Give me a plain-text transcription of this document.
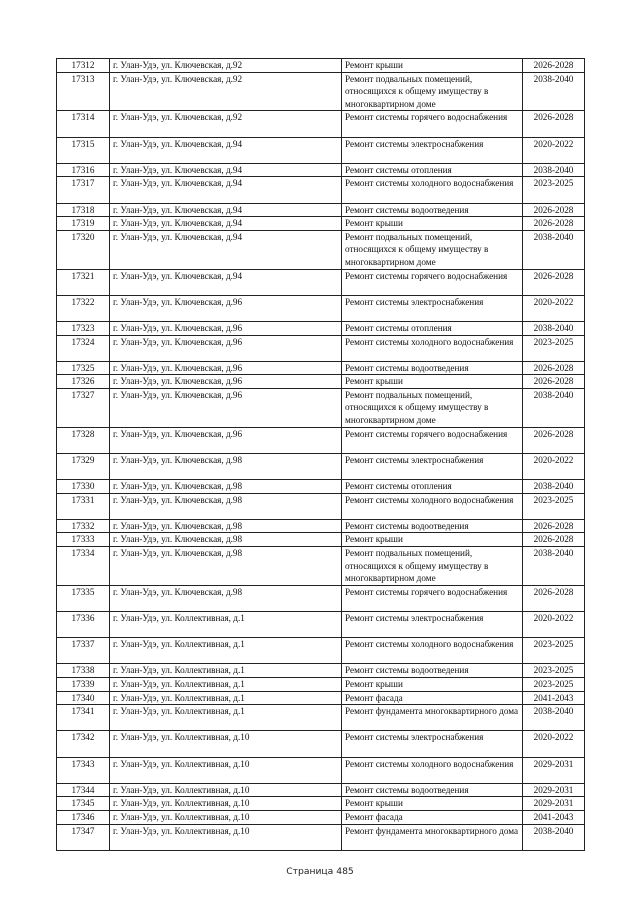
17312	г. Улан-Удэ, ул. Ключевская, д.92	Ремонт крыши	2026-2028
17313	г. Улан-Удэ, ул. Ключевская, д.92	Ремонт подвальных помещений, относящихся к общему имуществу в многоквартирном доме	2038-2040
17314	г. Улан-Удэ, ул. Ключевская, д.92	Ремонт системы горячего водоснабжения	2026-2028
17315	г. Улан-Удэ, ул. Ключевская, д.94	Ремонт системы электроснабжения	2020-2022
17316	г. Улан-Удэ, ул. Ключевская, д.94	Ремонт системы отопления	2038-2040
17317	г. Улан-Удэ, ул. Ключевская, д.94	Ремонт системы холодного водоснабжения	2023-2025
17318	г. Улан-Удэ, ул. Ключевская, д.94	Ремонт системы водоотведения	2026-2028
17319	г. Улан-Удэ, ул. Ключевская, д.94	Ремонт крыши	2026-2028
17320	г. Улан-Удэ, ул. Ключевская, д.94	Ремонт подвальных помещений, относящихся к общему имуществу в многоквартирном доме	2038-2040
17321	г. Улан-Удэ, ул. Ключевская, д.94	Ремонт системы горячего водоснабжения	2026-2028
17322	г. Улан-Удэ, ул. Ключевская, д.96	Ремонт системы электроснабжения	2020-2022
17323	г. Улан-Удэ, ул. Ключевская, д.96	Ремонт системы отопления	2038-2040
17324	г. Улан-Удэ, ул. Ключевская, д.96	Ремонт системы холодного водоснабжения	2023-2025
17325	г. Улан-Удэ, ул. Ключевская, д.96	Ремонт системы водоотведения	2026-2028
17326	г. Улан-Удэ, ул. Ключевская, д.96	Ремонт крыши	2026-2028
17327	г. Улан-Удэ, ул. Ключевская, д.96	Ремонт подвальных помещений, относящихся к общему имуществу в многоквартирном доме	2038-2040
17328	г. Улан-Удэ, ул. Ключевская, д.96	Ремонт системы горячего водоснабжения	2026-2028
17329	г. Улан-Удэ, ул. Ключевская, д.98	Ремонт системы электроснабжения	2020-2022
17330	г. Улан-Удэ, ул. Ключевская, д.98	Ремонт системы отопления	2038-2040
17331	г. Улан-Удэ, ул. Ключевская, д.98	Ремонт системы холодного водоснабжения	2023-2025
17332	г. Улан-Удэ, ул. Ключевская, д.98	Ремонт системы водоотведения	2026-2028
17333	г. Улан-Удэ, ул. Ключевская, д.98	Ремонт крыши	2026-2028
17334	г. Улан-Удэ, ул. Ключевская, д.98	Ремонт подвальных помещений, относящихся к общему имуществу в многоквартирном доме	2038-2040
17335	г. Улан-Удэ, ул. Ключевская, д.98	Ремонт системы горячего водоснабжения	2026-2028
17336	г. Улан-Удэ, ул. Коллективная, д.1	Ремонт системы электроснабжения	2020-2022
17337	г. Улан-Удэ, ул. Коллективная, д.1	Ремонт системы холодного водоснабжения	2023-2025
17338	г. Улан-Удэ, ул. Коллективная, д.1	Ремонт системы водоотведения	2023-2025
17339	г. Улан-Удэ, ул. Коллективная, д.1	Ремонт крыши	2023-2025
17340	г. Улан-Удэ, ул. Коллективная, д.1	Ремонт фасада	2041-2043
17341	г. Улан-Удэ, ул. Коллективная, д.1	Ремонт фундамента многоквартирного дома	2038-2040
17342	г. Улан-Удэ, ул. Коллективная, д.10	Ремонт системы электроснабжения	2020-2022
17343	г. Улан-Удэ, ул. Коллективная, д.10	Ремонт системы холодного водоснабжения	2029-2031
17344	г. Улан-Удэ, ул. Коллективная, д.10	Ремонт системы водоотведения	2029-2031
17345	г. Улан-Удэ, ул. Коллективная, д.10	Ремонт крыши	2029-2031
17346	г. Улан-Удэ, ул. Коллективная, д.10	Ремонт фасада	2041-2043
17347	г. Улан-Удэ, ул. Коллективная, д.10	Ремонт фундамента многоквартирного дома	2038-2040
Страница 485
